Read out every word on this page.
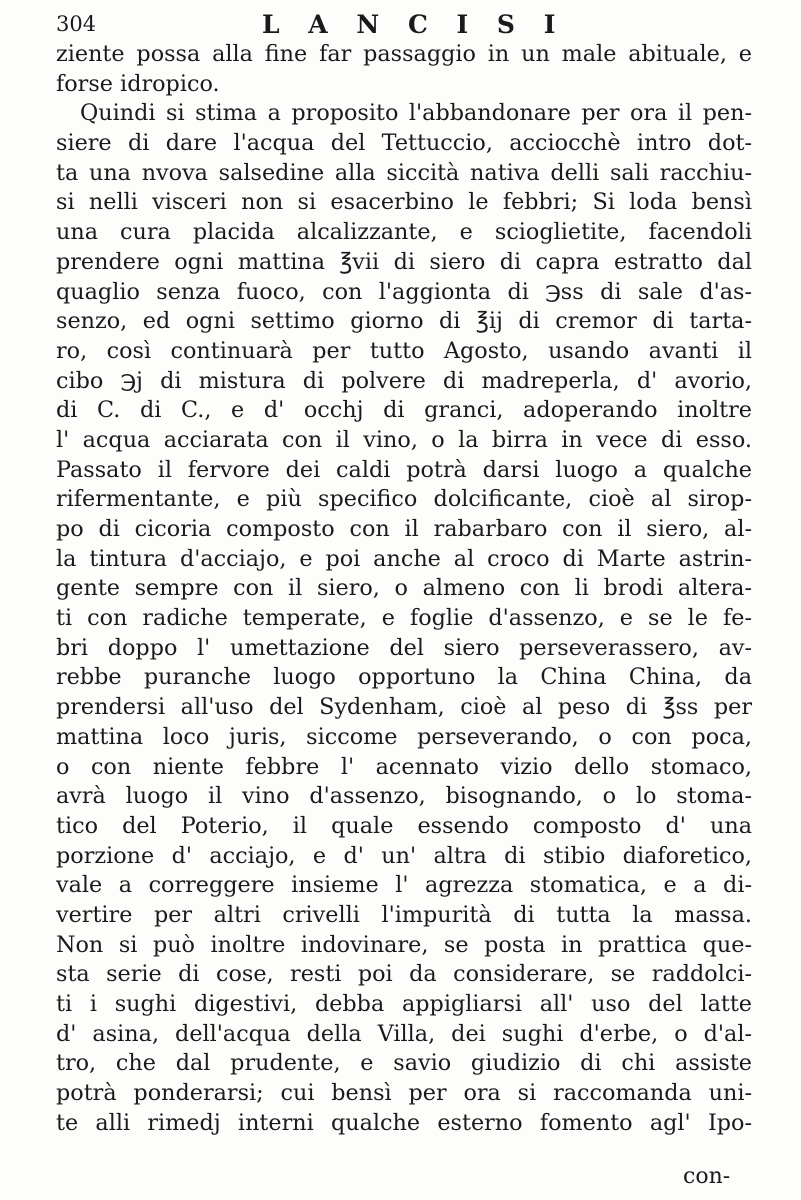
304	L A N C I S I
ziente possa alla fine far passaggio in un male abituale, e
forse idropico.
Quindi si stima a proposito l'abbandonare per ora il pen-
siere di dare l'acqua del Tettuccio, acciocchè intro dot-
ta una nvova salsedine alla siccità nativa delli sali racchiu-
si nelli visceri non si esacerbino le febbri; Si loda bensì
una cura placida alcalizzante, e scioglietite, facendoli
prendere ogni mattina ℥vii di siero di capra estratto dal
quaglio senza fuoco, con l'aggionta di ℈ss di sale d'as-
senzo, ed ogni settimo giorno di ℥ij di cremor di tarta-
ro, così continuarà per tutto Agosto, usando avanti il
cibo ℈j di mistura di polvere di madreperla, d' avorio,
di C. di C., e d' occhj di granci, adoperando inoltre
l' acqua acciarata con il vino, o la birra in vece di esso.
Passato il fervore dei caldi potrà darsi luogo a qualche
rifermentante, e più specifico dolcificante, cioè al sirop-
po di cicoria composto con il rabarbaro con il siero, al-
la tintura d'acciajo, e poi anche al croco di Marte astrin-
gente sempre con il siero, o almeno con li brodi altera-
ti con radiche temperate, e foglie d'assenzo, e se le fe-
bri doppo l' umettazione del siero perseverassero, av-
rebbe puranche luogo opportuno la China China, da
prendersi all'uso del Sydenham, cioè al peso di ℥ss per
mattina loco juris, siccome perseverando, o con poca,
o con niente febbre l' acennato vizio dello stomaco,
avrà luogo il vino d'assenzo, bisognando, o lo stoma-
tico del Poterio, il quale essendo composto d' una
porzione d' acciajo, e d' un' altra di stibio diaforetico,
vale a correggere insieme l' agrezza stomatica, e a di-
vertire per altri crivelli l'impurità di tutta la massa.
Non si può inoltre indovinare, se posta in prattica que-
sta serie di cose, resti poi da considerare, se raddolci-
ti i sughi digestivi, debba appigliarsi all' uso del latte
d' asina, dell'acqua della Villa, dei sughi d'erbe, o d'al-
tro, che dal prudente, e savio giudizio di chi assiste
potrà ponderarsi; cui bensì per ora si raccomanda uni-
te alli rimedj interni qualche esterno fomento agl' Ipo-
con-
